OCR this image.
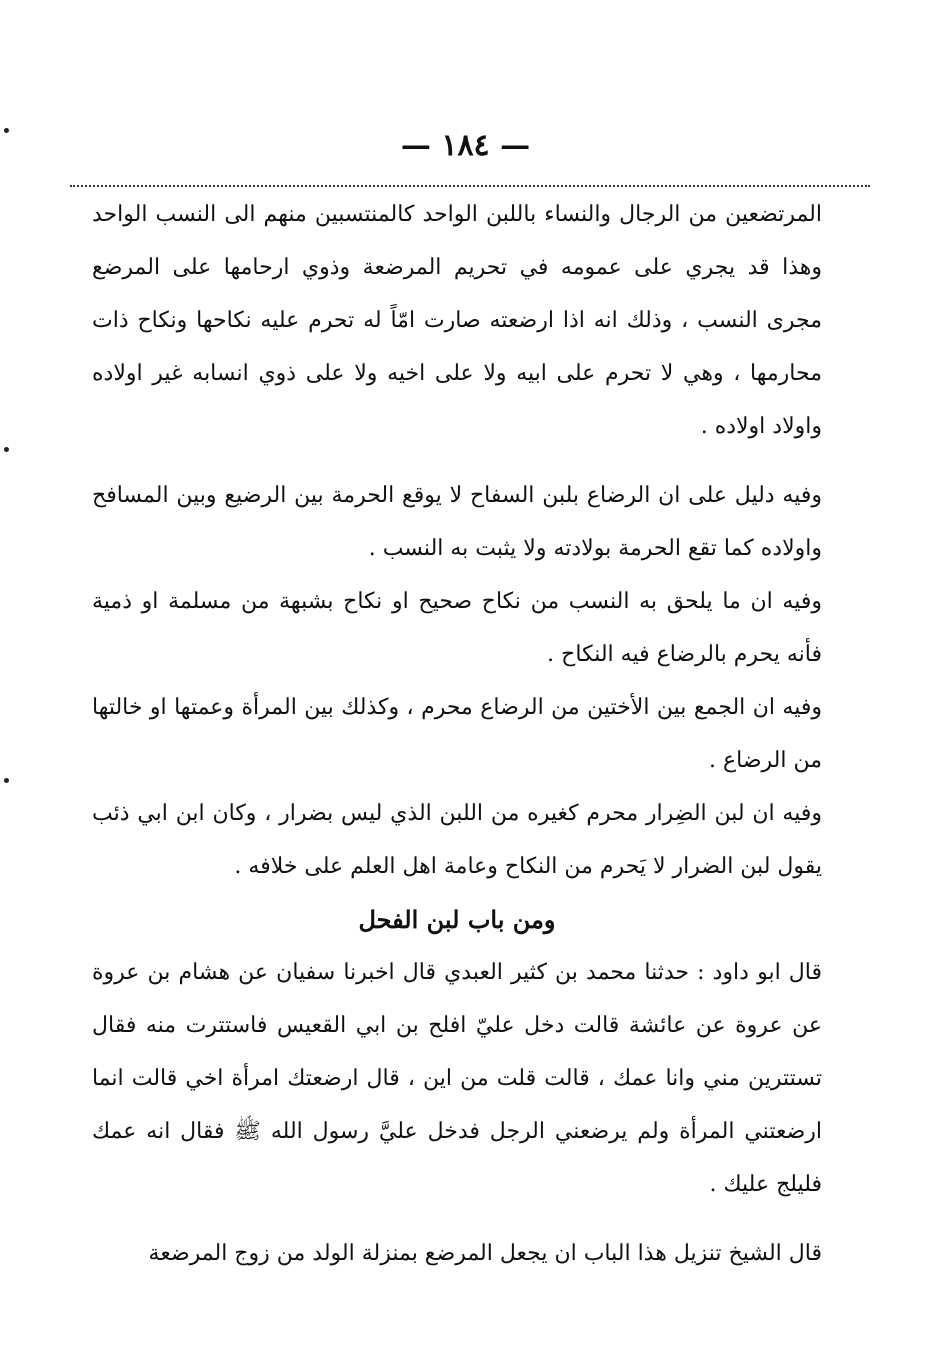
— ١٨٤ —

المرتضعين من الرجال والنساء باللبن الواحد كالمنتسبين منهم الى النسب الواحد وهذا قد يجري على عمومه في تحريم المرضعة وذوي ارحامها على المرضع مجرى النسب ، وذلك انه اذا ارضعته صارت امّاً له تحرم عليه نكاحها ونكاح ذات محارمها ، وهي لا تحرم على ابيه ولا على اخيه ولا على ذوي انسابه غير اولاده واولاد اولاده .

وفيه دليل على ان الرضاع بلبن السفاح لا يوقع الحرمة بين الرضيع وبين المسافح واولاده كما تقع الحرمة بولادته ولا يثبت به النسب .

وفيه ان ما يلحق به النسب من نكاح صحيح او نكاح بشبهة من مسلمة او ذمية فأنه يحرم بالرضاع فيه النكاح .

وفيه ان الجمع بين الأختين من الرضاع محرم ، وكذلك بين المرأة وعمتها او خالتها من الرضاع .

وفيه ان لبن الضِرار محرم كغيره من اللبن الذي ليس بضرار ، وكان ابن ابي ذئب يقول لبن الضرار لا يَحرم من النكاح وعامة اهل العلم على خلافه .

ومن باب لبن الفحل

قال ابو داود : حدثنا محمد بن كثير العبدي قال اخبرنا سفيان عن هشام بن عروة عن عروة عن عائشة قالت دخل عليّ افلح بن ابي القعيس فاستترت منه فقال تستترين مني وانا عمك ، قالت قلت من اين ، قال ارضعتك امرأة اخي قالت انما ارضعتني المرأة ولم يرضعني الرجل فدخل عليَّ رسول الله ﷺ فقال انه عمك فليلج عليك .

قال الشيخ تنزيل هذا الباب ان يجعل المرضع بمنزلة الولد من زوج المرضعة
